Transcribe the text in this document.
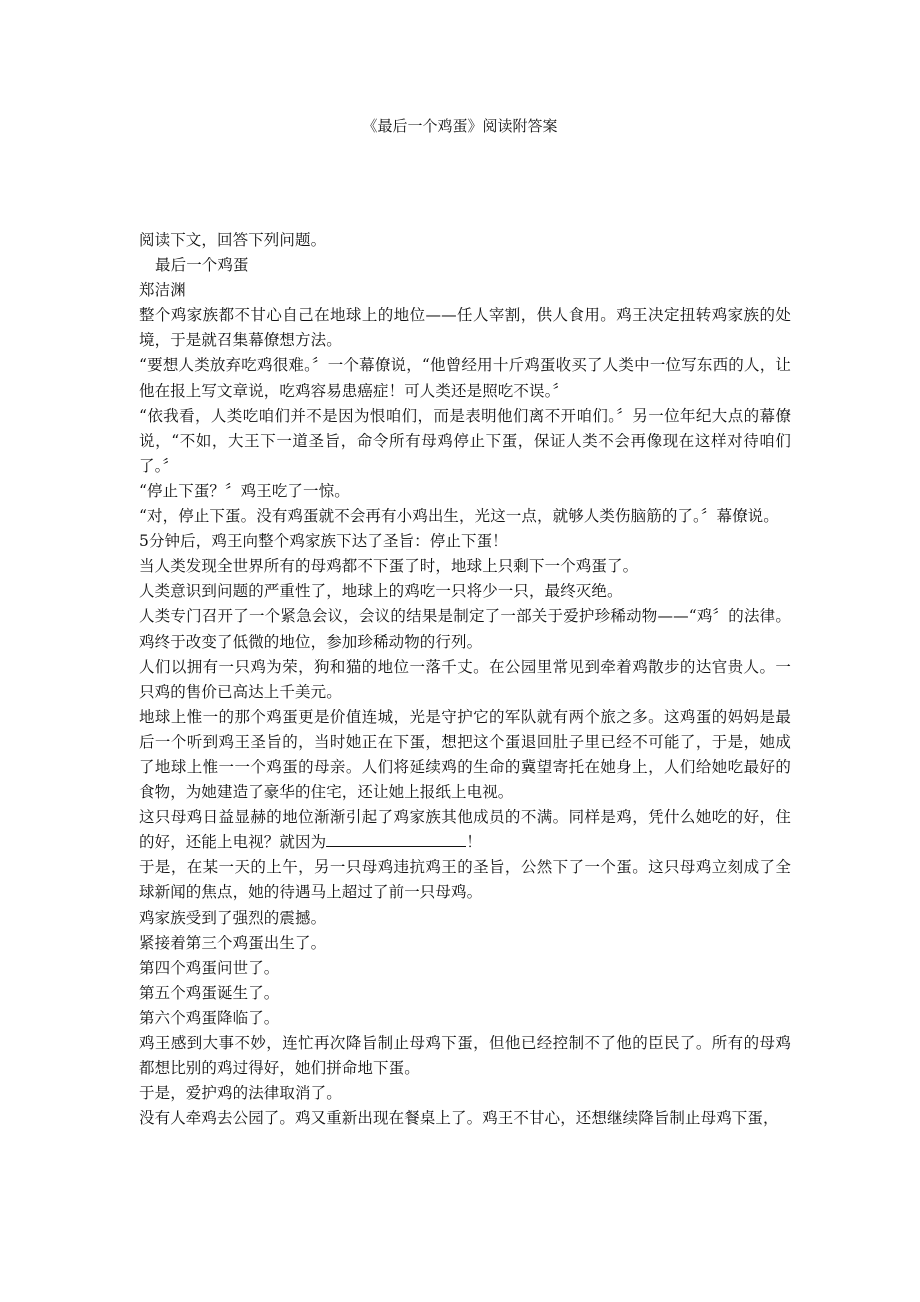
《最后一个鸡蛋》阅读附答案

阅读下文，回答下列问题。

最后一个鸡蛋

郑洁渊

整个鸡家族都不甘心自己在地球上的地位——任人宰割，供人食用。鸡王决定扭转鸡家族的处境，于是就召集幕僚想方法。

“要想人类放弃吃鸡很难。〞一个幕僚说，“他曾经用十斤鸡蛋收买了人类中一位写东西的人，让他在报上写文章说，吃鸡容易患癌症！可人类还是照吃不误。〞

“依我看，人类吃咱们并不是因为恨咱们，而是表明他们离不开咱们。〞另一位年纪大点的幕僚说，“不如，大王下一道圣旨，命令所有母鸡停止下蛋，保证人类不会再像现在这样对待咱们了。〞

“停止下蛋？〞鸡王吃了一惊。

“对，停止下蛋。没有鸡蛋就不会再有小鸡出生，光这一点，就够人类伤脑筋的了。〞幕僚说。

5分钟后，鸡王向整个鸡家族下达了圣旨：停止下蛋！

当人类发现全世界所有的母鸡都不下蛋了时，地球上只剩下一个鸡蛋了。

人类意识到问题的严重性了，地球上的鸡吃一只将少一只，最终灭绝。

人类专门召开了一个紧急会议，会议的结果是制定了一部关于爱护珍稀动物——“鸡〞的法律。鸡终于改变了低微的地位，参加珍稀动物的行列。

人们以拥有一只鸡为荣，狗和猫的地位一落千丈。在公园里常见到牵着鸡散步的达官贵人。一只鸡的售价已高达上千美元。

地球上惟一的那个鸡蛋更是价值连城，光是守护它的军队就有两个旅之多。这鸡蛋的妈妈是最后一个听到鸡王圣旨的，当时她正在下蛋，想把这个蛋退回肚子里已经不可能了，于是，她成了地球上惟一一个鸡蛋的母亲。人们将延续鸡的生命的冀望寄托在她身上，人们给她吃最好的食物，为她建造了豪华的住宅，还让她上报纸上电视。

这只母鸡日益显赫的地位渐渐引起了鸡家族其他成员的不满。同样是鸡，凭什么她吃的好，住的好，还能上电视？就因为	！

于是，在某一天的上午，另一只母鸡违抗鸡王的圣旨，公然下了一个蛋。这只母鸡立刻成了全球新闻的焦点，她的待遇马上超过了前一只母鸡。

鸡家族受到了强烈的震撼。

紧接着第三个鸡蛋出生了。

第四个鸡蛋问世了。

第五个鸡蛋诞生了。

第六个鸡蛋降临了。

鸡王感到大事不妙，连忙再次降旨制止母鸡下蛋，但他已经控制不了他的臣民了。所有的母鸡都想比别的鸡过得好，她们拼命地下蛋。

于是，爱护鸡的法律取消了。

没有人牵鸡去公园了。鸡又重新出现在餐桌上了。鸡王不甘心，还想继续降旨制止母鸡下蛋，
